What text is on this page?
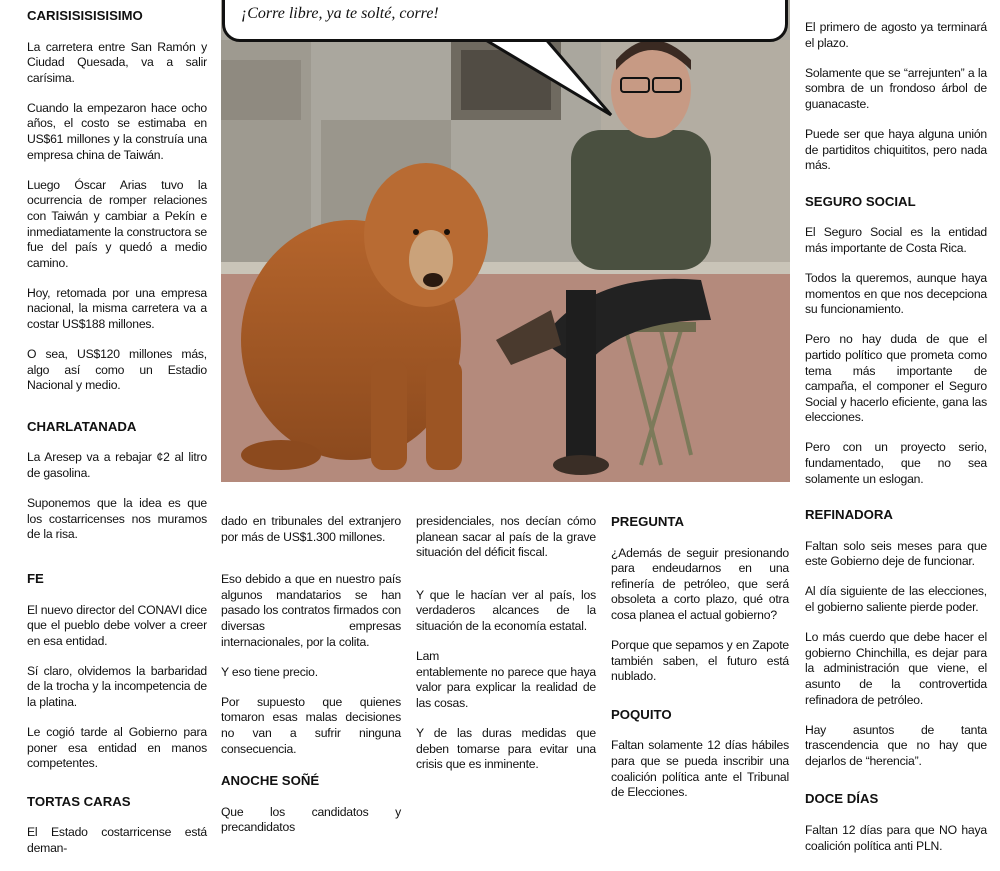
CARISISISISISIMO

La carretera entre San Ramón y Ciudad Quesada, va a salir carísima.

Cuando la empezaron hace ocho años, el costo se estimaba en US$61 millones y la construía una empresa china de Taiwán.

Luego Óscar Arias tuvo la ocurrencia de romper relaciones con Taiwán y cambiar a Pekín e inmediatamente la constructora se fue del país y quedó a medio camino.

Hoy, retomada por una empresa nacional, la misma carretera va a costar US$188 millones.

O sea, US$120 millones más, algo así como un Estadio Nacional y medio.

CHARLATANADA

La Aresep va a rebajar ¢2 al litro de gasolina.

Suponemos que la idea es que los costarricenses nos muramos de la risa.

FE

El nuevo director del CONAVI dice que el pueblo debe volver a creer en esa entidad.

Sí claro, olvidemos la barbaridad de la trocha y la incompetencia de la platina.

Le cogió tarde al Gobierno para poner esa entidad en manos competentes.

TORTAS CARAS

El Estado costarricense está deman-

¡Corre libre, ya te solté, corre!

dado en tribunales del extranjero por más de US$1.300 millones.

Eso debido a que en nuestro país algunos mandatarios se han pasado los contratos firmados con diversas empresas internacionales, por la colita.

Y eso tiene precio.

Por supuesto que quienes tomaron esas malas decisiones no van a sufrir ninguna consecuencia.

ANOCHE SOÑÉ

Que los candidatos y precandidatos

presidenciales, nos decían cómo planean sacar al país de la grave situación del déficit fiscal.

Y que le hacían ver al país, los verdaderos alcances de la situación de la economía estatal.

Lam
entablemente no parece que haya valor para explicar la realidad de las cosas.

Y de las duras medidas que deben tomarse para evitar una crisis que es inminente.

PREGUNTA

¿Además de seguir presionando para endeudarnos en una refinería de petróleo, que será obsoleta a corto plazo, qué otra cosa planea el actual gobierno?

Porque que sepamos y en Zapote también saben, el futuro está nublado.

POQUITO

Faltan solamente 12 días hábiles para que se pueda inscribir una coalición política ante el Tribunal de Elecciones.

El primero de agosto ya terminará el plazo.

Solamente que se “arrejunten” a la sombra de un frondoso árbol de guanacaste.

Puede ser que haya alguna unión de partiditos chiquititos, pero nada más.

SEGURO SOCIAL

El Seguro Social es la entidad más importante de Costa Rica.

Todos la queremos, aunque haya momentos en que nos decepciona su funcionamiento.

Pero no hay duda de que el partido político que prometa como tema más importante de campaña, el componer el Seguro Social y hacerlo eficiente, gana las elecciones.

Pero con un proyecto serio, fundamentado, que no sea solamente un eslogan.

REFINADORA

Faltan solo seis meses para que este Gobierno deje de funcionar.

Al día siguiente de las elecciones, el gobierno saliente pierde poder.

Lo más cuerdo que debe hacer el gobierno Chinchilla, es dejar para la administración que viene, el asunto de la controvertida refinadora de petróleo.

Hay asuntos de tanta trascendencia que no hay que dejarlos de “herencia”.

DOCE DÍAS

Faltan 12 días para que NO haya coalición política anti PLN.
